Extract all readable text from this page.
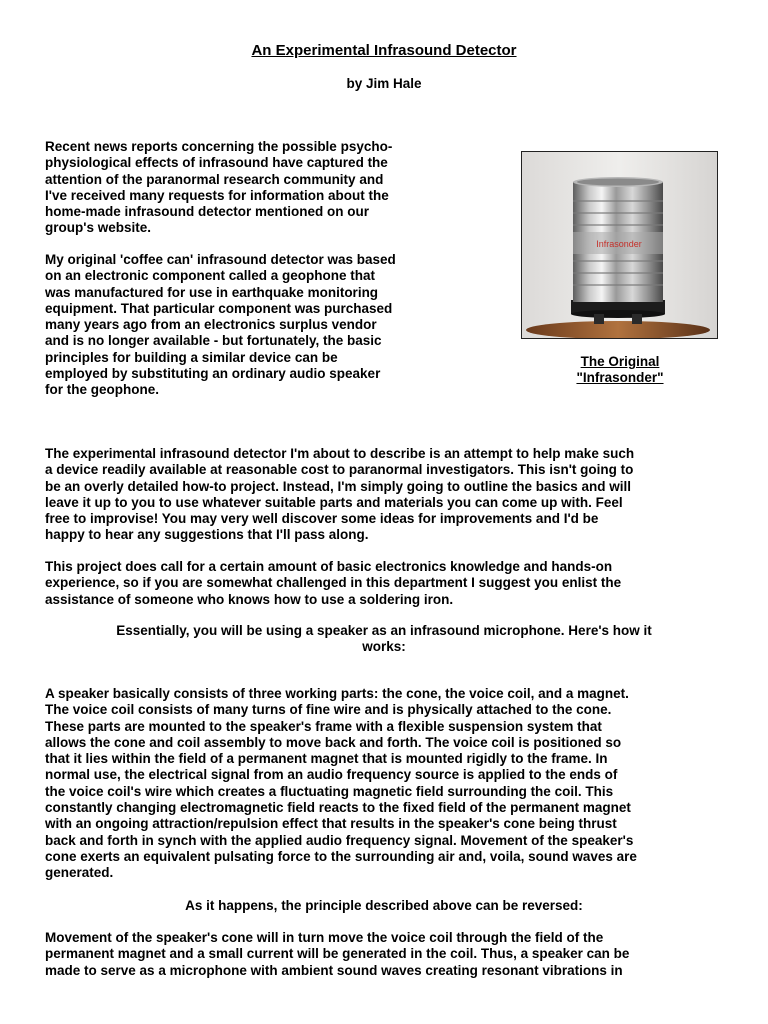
An Experimental Infrasound Detector
by Jim Hale
Recent news reports concerning the possible psycho-
physiological effects of infrasound have captured the
attention of the paranormal research community and
I've received many requests for information about the
home-made infrasound detector mentioned on our
group's website.
My original 'coffee can' infrasound detector was based
on an electronic component called a geophone that
was manufactured for use in earthquake monitoring
equipment. That particular component was purchased
many years ago from an electronics surplus vendor
and is no longer available - but fortunately, the basic
principles for building a similar device can be
employed by substituting an ordinary audio speaker
for the geophone.
Infrasonder
The Original
"Infrasonder"
The experimental infrasound detector I'm about to describe is an attempt to help make such
a device readily available at reasonable cost to paranormal investigators. This isn't going to
be an overly detailed how-to project. Instead, I'm simply going to outline the basics and will
leave it up to you to use whatever suitable parts and materials you can come up with. Feel
free to improvise! You may very well discover some ideas for improvements and I'd be
happy to hear any suggestions that I'll pass along.
This project does call for a certain amount of basic electronics knowledge and hands-on
experience, so if you are somewhat challenged in this department I suggest you enlist the
assistance of someone who knows how to use a soldering iron.
Essentially, you will be using a speaker as an infrasound microphone. Here's how it
works:
A speaker basically consists of three working parts: the cone, the voice coil, and a magnet.
The voice coil consists of many turns of fine wire and is physically attached to the cone.
These parts are mounted to the speaker's frame with a flexible suspension system that
allows the cone and coil assembly to move back and forth. The voice coil is positioned so
that it lies within the field of a permanent magnet that is mounted rigidly to the frame. In
normal use, the electrical signal from an audio frequency source is applied to the ends of
the voice coil's wire which creates a fluctuating magnetic field surrounding the coil. This
constantly changing electromagnetic field reacts to the fixed field of the permanent magnet
with an ongoing attraction/repulsion effect that results in the speaker's cone being thrust
back and forth in synch with the applied audio frequency signal. Movement of the speaker's
cone exerts an equivalent pulsating force to the surrounding air and, voila, sound waves are
generated.
As it happens, the principle described above can be reversed:
Movement of the speaker's cone will in turn move the voice coil through the field of the
permanent magnet and a small current will be generated in the coil. Thus, a speaker can be
made to serve as a microphone with ambient sound waves creating resonant vibrations in
